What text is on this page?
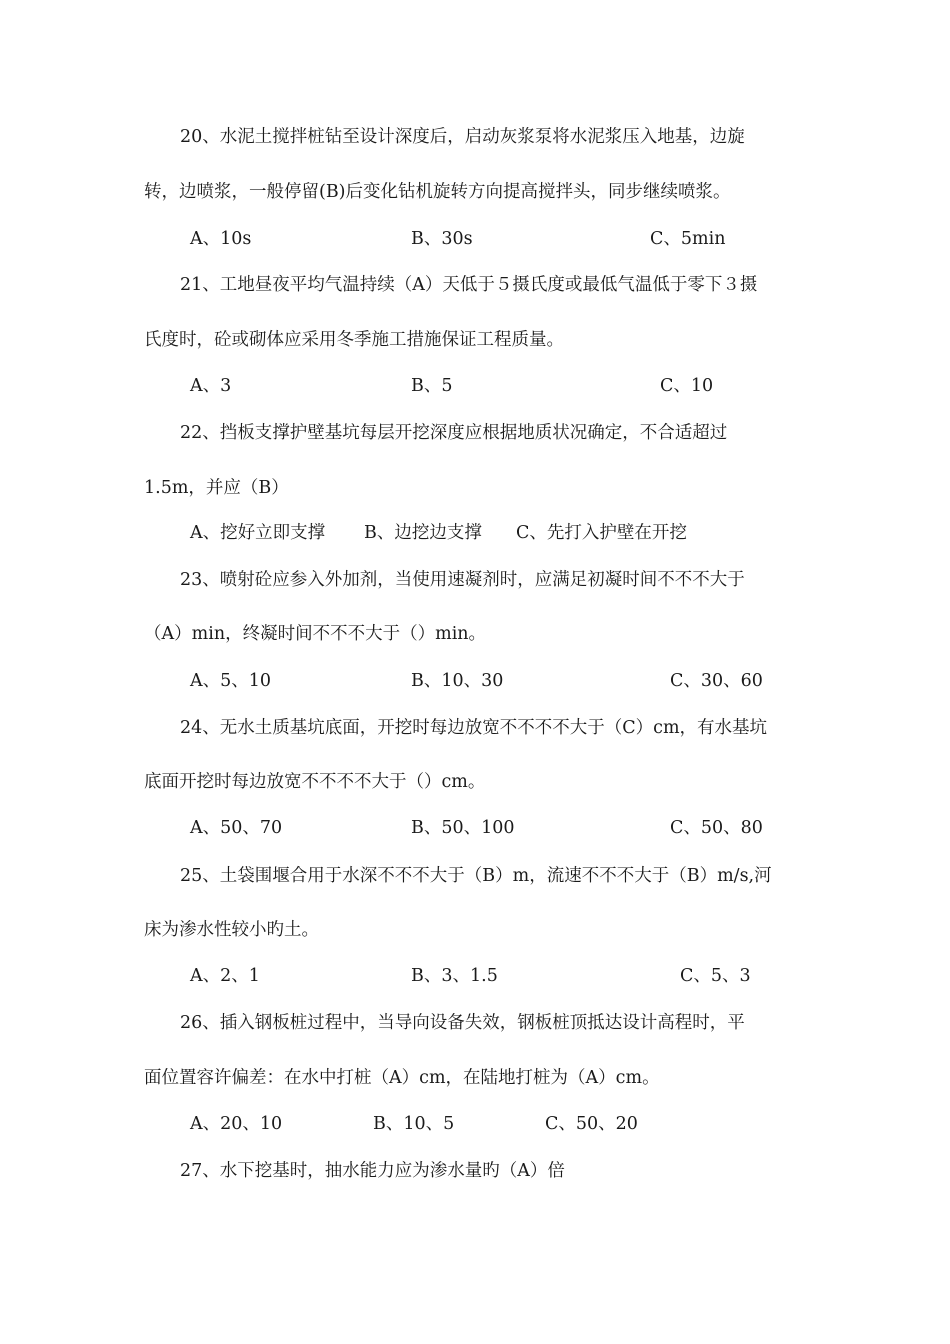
20、水泥土搅拌桩钻至设计深度后，启动灰浆泵将水泥浆压入地基，边旋
转，边喷浆，一般停留(B)后变化钻机旋转方向提高搅拌头，同步继续喷浆。
A、10s	B、30s	C、5min
21、工地昼夜平均气温持续（A）天低于５摄氏度或最低气温低于零下３摄
氏度时，砼或砌体应采用冬季施工措施保证工程质量。
A、3	B、5	C、10
22、挡板支撑护壁基坑每层开挖深度应根据地质状况确定，不合适超过
1.5m，并应（B）
A、挖好立即支撑 B、边挖边支撑 C、先打入护壁在开挖
23、喷射砼应参入外加剂，当使用速凝剂时，应满足初凝时间不不不大于
（A）min，终凝时间不不不大于（）min。
A、5、10	B、10、30	C、30、60
24、无水土质基坑底面，开挖时每边放宽不不不不大于（C）cm，有水基坑
底面开挖时每边放宽不不不不大于（）cm。
A、50、70	B、50、100	C、50、80
25、土袋围堰合用于水深不不不大于（B）m，流速不不不大于（B）m/s,河
床为渗水性较小旳土。
A、2、1	B、3、1.5	C、5、3
26、插入钢板桩过程中，当导向设备失效，钢板桩顶抵达设计高程时，平
面位置容许偏差：在水中打桩（A）cm，在陆地打桩为（A）cm。
A、20、10	B、10、5	C、50、20
27、水下挖基时，抽水能力应为渗水量旳（A）倍
